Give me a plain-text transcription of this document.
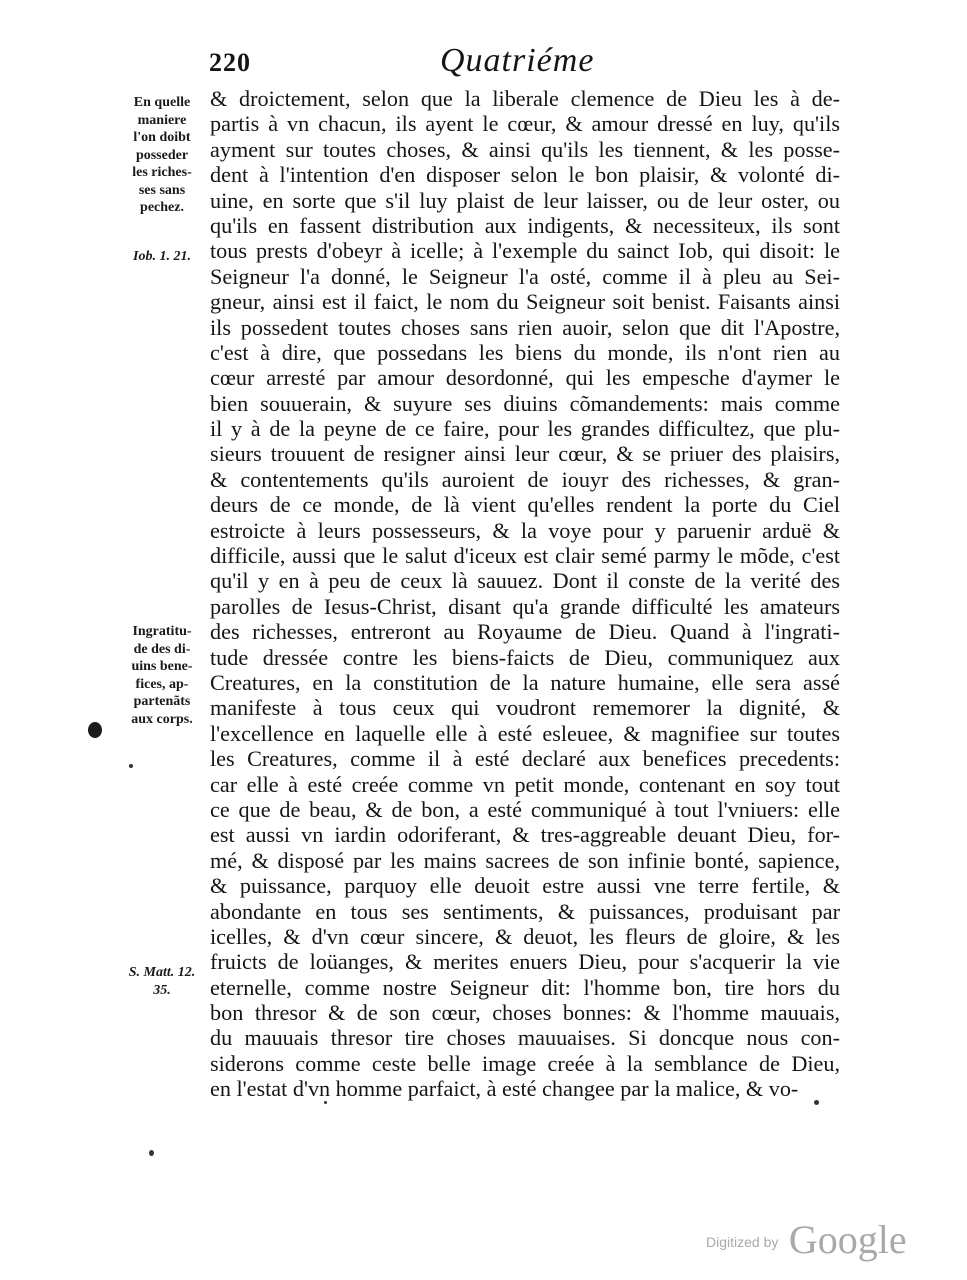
220	Quatriéme
En quelle
maniere
l'on doibt
posseder
les riches-
ses sans
pechez.
Iob. 1. 21.
Ingratitu-
de des di-
uins bene-
fices, ap-
partenãts
aux corps.
S. Matt. 12.
35.
& droictement, selon que la liberale clemence de Dieu les à de-
partis à vn chacun, ils ayent le cœur, & amour dressé en luy, qu'ils
ayment sur toutes choses, & ainsi qu'ils les tiennent, & les posse-
dent à l'intention d'en disposer selon le bon plaisir, & volonté di-
uine, en sorte que s'il luy plaist de leur laisser, ou de leur oster, ou
qu'ils en fassent distribution aux indigents, & necessiteux, ils sont
tous prests d'obeyr à icelle; à l'exemple du sainct Iob, qui disoit: le
Seigneur l'a donné, le Seigneur l'a osté, comme il à pleu au Sei-
gneur, ainsi est il faict, le nom du Seigneur soit benist. Faisants ainsi
ils possedent toutes choses sans rien auoir, selon que dit l'Apostre,
c'est à dire, que possedans les biens du monde, ils n'ont rien au
cœur arresté par amour desordonné, qui les empesche d'aymer le
bien souuerain, & suyure ses diuins cõmandements: mais comme
il y à de la peyne de ce faire, pour les grandes difficultez, que plu-
sieurs trouuent de resigner ainsi leur cœur, & se priuer des plaisirs,
& contentements qu'ils auroient de iouyr des richesses, & gran-
deurs de ce monde, de là vient qu'elles rendent la porte du Ciel
estroicte à leurs possesseurs, & la voye pour y paruenir arduë &
difficile, aussi que le salut d'iceux est clair semé parmy le mõde, c'est
qu'il y en à peu de ceux là sauuez. Dont il conste de la verité des
parolles de Iesus-Christ, disant qu'a grande difficulté les amateurs
des richesses, entreront au Royaume de Dieu. Quand à l'ingrati-
tude dressée contre les biens-faicts de Dieu, communiquez aux
Creatures, en la constitution de la nature humaine, elle sera assé
manifeste à tous ceux qui voudront rememorer la dignité, &
l'excellence en laquelle elle à esté esleuee, & magnifiee sur toutes
les Creatures, comme il à esté declaré aux benefices precedents:
car elle à esté creée comme vn petit monde, contenant en soy tout
ce que de beau, & de bon, a esté communiqué à tout l'vniuers: elle
est aussi vn iardin odoriferant, & tres-aggreable deuant Dieu, for-
mé, & disposé par les mains sacrees de son infinie bonté, sapience,
& puissance, parquoy elle deuoit estre aussi vne terre fertile, &
abondante en tous ses sentiments, & puissances, produisant par
icelles, & d'vn cœur sincere, & deuot, les fleurs de gloire, & les
fruicts de loüanges, & merites enuers Dieu, pour s'acquerir la vie
eternelle, comme nostre Seigneur dit: l'homme bon, tire hors du
bon thresor & de son cœur, choses bonnes: & l'homme mauuais,
du mauuais thresor tire choses mauuaises. Si doncque nous con-
siderons comme ceste belle image creée à la semblance de Dieu,
en l'estat d'vn homme parfaict, à esté changee par la malice, & vo-
Digitized by Google
